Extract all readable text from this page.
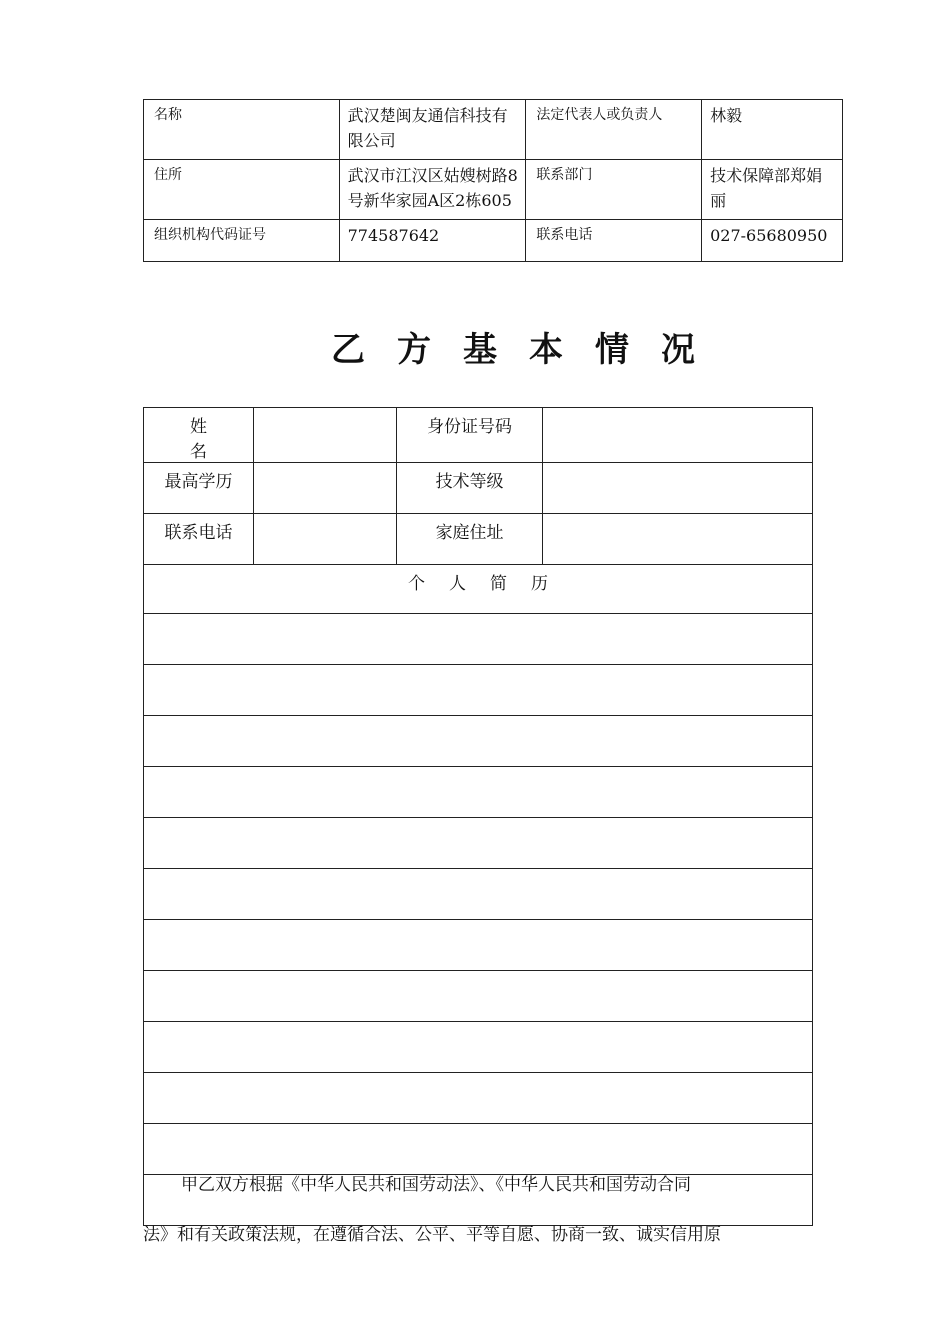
名称	武汉楚闽友通信科技有限公司	法定代表人或负责人	林毅
住所	武汉市江汉区姑嫂树路8号新华家园A区2栋605	联系部门	技术保障部郑娟丽
组织机构代码证号	774587642	联系电话	027-65680950
乙 方 基 本 情 况
姓名		身份证号码	
最高学历		技术等级	
联系电话		家庭住址	
个 人 简 历			

甲乙双方根据《中华人民共和国劳动法》、《中华人民共和国劳动合同
法》和有关政策法规，在遵循合法、公平、平等自愿、协商一致、诚实信用原
